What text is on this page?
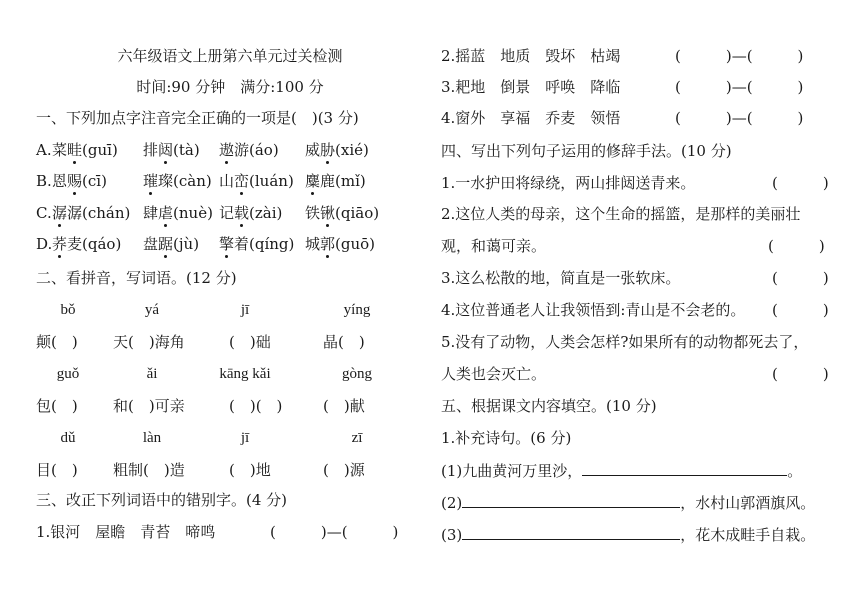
六年级语文上册第六单元过关检测
时间:90 分钟　满分:100 分
一、下列加点字注音完全正确的一项是(　)(3 分)
A. 菜畦(guī) 排闼(tà) 遨游(áo) 威胁(xié)
B. 恩赐(cī) 璀璨(càn) 山峦(luán) 麋鹿(mǐ)
C. 潺潺(chán) 肆虐(nuè) 记载(zài) 铁锹(qiāo)
D. 荞麦(qáo) 盘踞(jù) 擎着(qíng) 城郭(guō)
二、看拼音，写词语。(12 分)
bǒ	yá	jī	yíng
颠(　) 天(　)海角	(　)础	晶(　)
guǒ	ǎi	kāng kǎi	gòng
包(　) 和(　)可亲	(　)(　)	(　)献
dǔ	làn	jī	zī
目(　) 粗制(　)造	(　)地	(　)源
三、改正下列词语中的错别字。(4 分)
1.银河　屋瞻　青苔　啼鸣	(　　　)—(　　　)
2.摇蓝　地质　毁坏　枯竭	(　　　)—(　　　)
3.耙地　倒景　呼唤　降临	(　　　)—(　　　)
4.窗外　享福　乔麦　领悟	(　　　)—(　　　)
四、写出下列句子运用的修辞手法。(10 分)
1.一水护田将绿绕，两山排闼送青来。	(　　　)
2.这位人类的母亲，这个生命的摇篮，是那样的美丽壮
观，和蔼可亲。	(　　　)
3.这么松散的地，简直是一张软床。	(　　　)
4.这位普通老人让我领悟到:青山是不会老的。 (　　　)
5.没有了动物，人类会怎样?如果所有的动物都死去了，
人类也会灭亡。	(　　　)
五、根据课文内容填空。(10 分)
1.补充诗句。(6 分)
(1)九曲黄河万里沙，	。
(2)	，水村山郭酒旗风。
(3)	，花木成畦手自栽。
